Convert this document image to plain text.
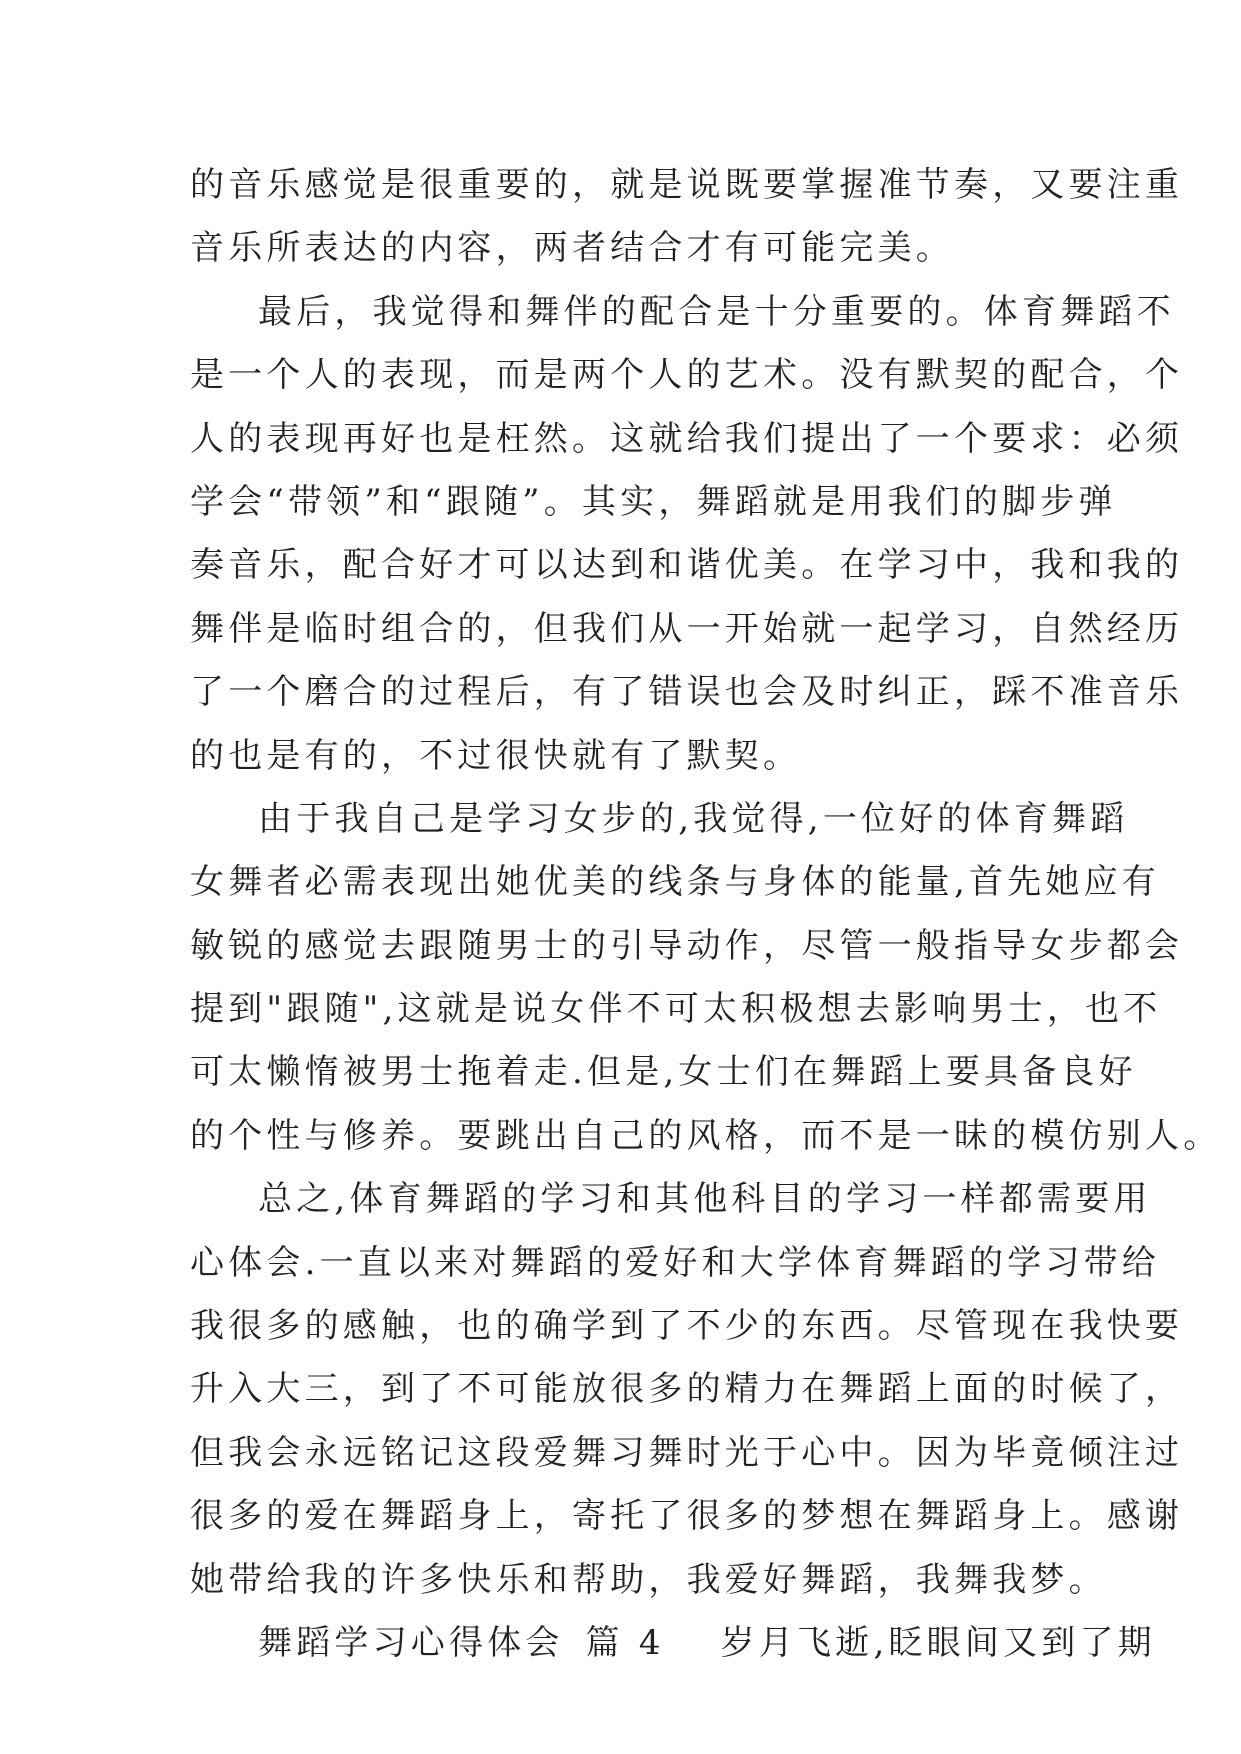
的音乐感觉是很重要的，就是说既要掌握准节奏，又要注重
音乐所表达的内容，两者结合才有可能完美。
最后，我觉得和舞伴的配合是十分重要的。体育舞蹈不
是一个人的表现，而是两个人的艺术。没有默契的配合，个
人的表现再好也是枉然。这就给我们提出了一个要求：必须
学会“带领”和“跟随”。其实，舞蹈就是用我们的脚步弹
奏音乐，配合好才可以达到和谐优美。在学习中，我和我的
舞伴是临时组合的，但我们从一开始就一起学习，自然经历
了一个磨合的过程后，有了错误也会及时纠正，踩不准音乐
的也是有的，不过很快就有了默契。
由于我自己是学习女步的,我觉得,一位好的体育舞蹈
女舞者必需表现出她优美的线条与身体的能量,首先她应有
敏锐的感觉去跟随男士的引导动作，尽管一般指导女步都会
提到"跟随",这就是说女伴不可太积极想去影响男士，也不
可太懒惰被男士拖着走.但是,女士们在舞蹈上要具备良好
的个性与修养。要跳出自己的风格，而不是一昧的模仿别人。
总之,体育舞蹈的学习和其他科目的学习一样都需要用
心体会.一直以来对舞蹈的爱好和大学体育舞蹈的学习带给
我很多的感触，也的确学到了不少的东西。尽管现在我快要
升入大三，到了不可能放很多的精力在舞蹈上面的时候了，
但我会永远铭记这段爱舞习舞时光于心中。因为毕竟倾注过
很多的爱在舞蹈身上，寄托了很多的梦想在舞蹈身上。感谢
她带给我的许多快乐和帮助，我爱好舞蹈，我舞我梦。
舞蹈学习心得体会 篇 4 岁月飞逝,眨眼间又到了期
